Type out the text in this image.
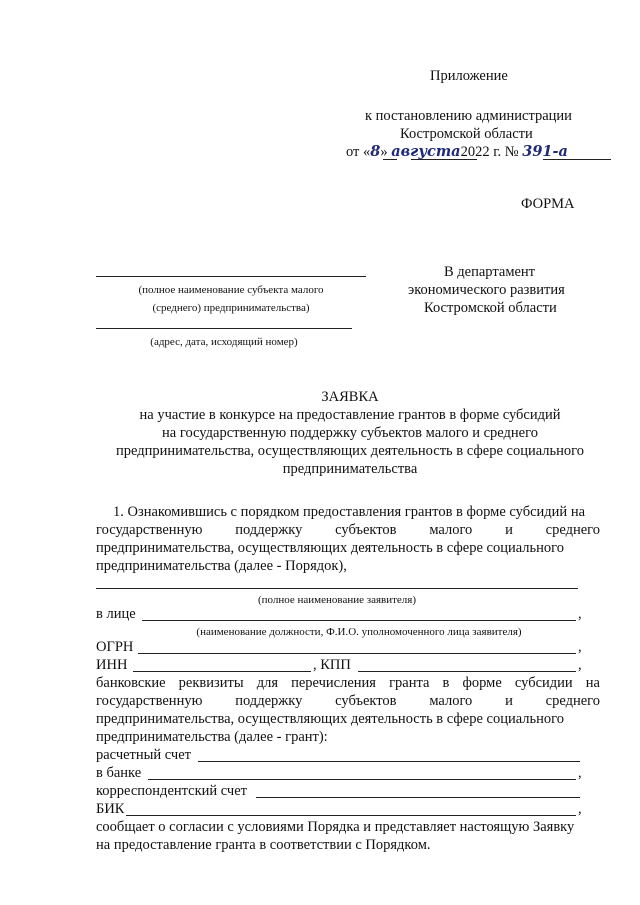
Приложение
к постановлению администрации
Костромской области
от «8» августа2022 г. № 391-а
ФОРМА
(полное наименование субъекта малого
(среднего) предпринимательства)
(адрес, дата, исходящий номер)
В департамент
экономического развития
Костромской области
ЗАЯВКА
на участие в конкурсе на предоставление грантов в форме субсидий
на государственную поддержку субъектов малого и среднего
предпринимательства, осуществляющих деятельность в сфере социального
предпринимательства
1. Ознакомившись с порядком предоставления грантов в форме субсидий на
государственную поддержку субъектов малого и среднего
предпринимательства, осуществляющих деятельность в сфере социального
предпринимательства (далее - Порядок),
(полное наименование заявителя)
в лице	,
(наименование должности, Ф.И.О. уполномоченного лица заявителя)
ОГРН	,
ИНН	, КПП	,
банковские реквизиты для перечисления гранта в форме субсидии на
государственную поддержку субъектов малого и среднего
предпринимательства, осуществляющих деятельность в сфере социального
предпринимательства (далее - грант):
расчетный счет
в банке	,
корреспондентский счет
БИК	,
сообщает о согласии с условиями Порядка и представляет настоящую Заявку
на предоставление гранта в соответствии с Порядком.
